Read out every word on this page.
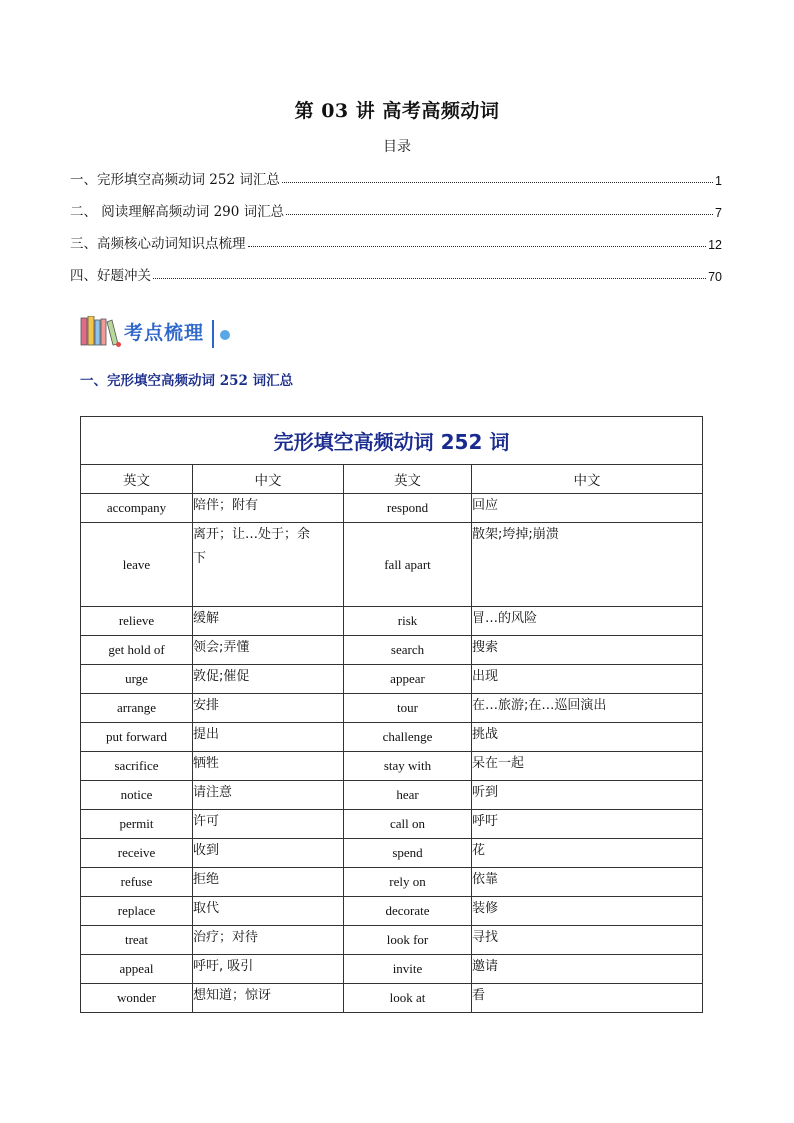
第 03 讲 高考高频动词
目录
一、完形填空高频动词 252 词汇总	1
二、 阅读理解高频动词 290 词汇总	7
三、高频核心动词知识点梳理	12
四、好题冲关	70
考点梳理
一、完形填空高频动词 252 词汇总
完形填空高频动词 252 词			
英文	中文	英文	中文
accompany	陪伴；附有	respond	回应
leave	离开；让…处于；余下	fall apart	散架;垮掉;崩溃
relieve	缓解	risk	冒…的风险
get hold of	领会;弄懂	search	搜索
urge	敦促;催促	appear	出现
arrange	安排	tour	在…旅游;在…巡回演出
put forward	提出	challenge	挑战
sacrifice	牺牲	stay with	呆在一起
notice	请注意	hear	听到
permit	许可	call on	呼吁
receive	收到	spend	花
refuse	拒绝	rely on	依靠
replace	取代	decorate	装修
treat	治疗；对待	look for	寻找
appeal	呼吁, 吸引	invite	邀请
wonder	想知道；惊讶	look at	看
